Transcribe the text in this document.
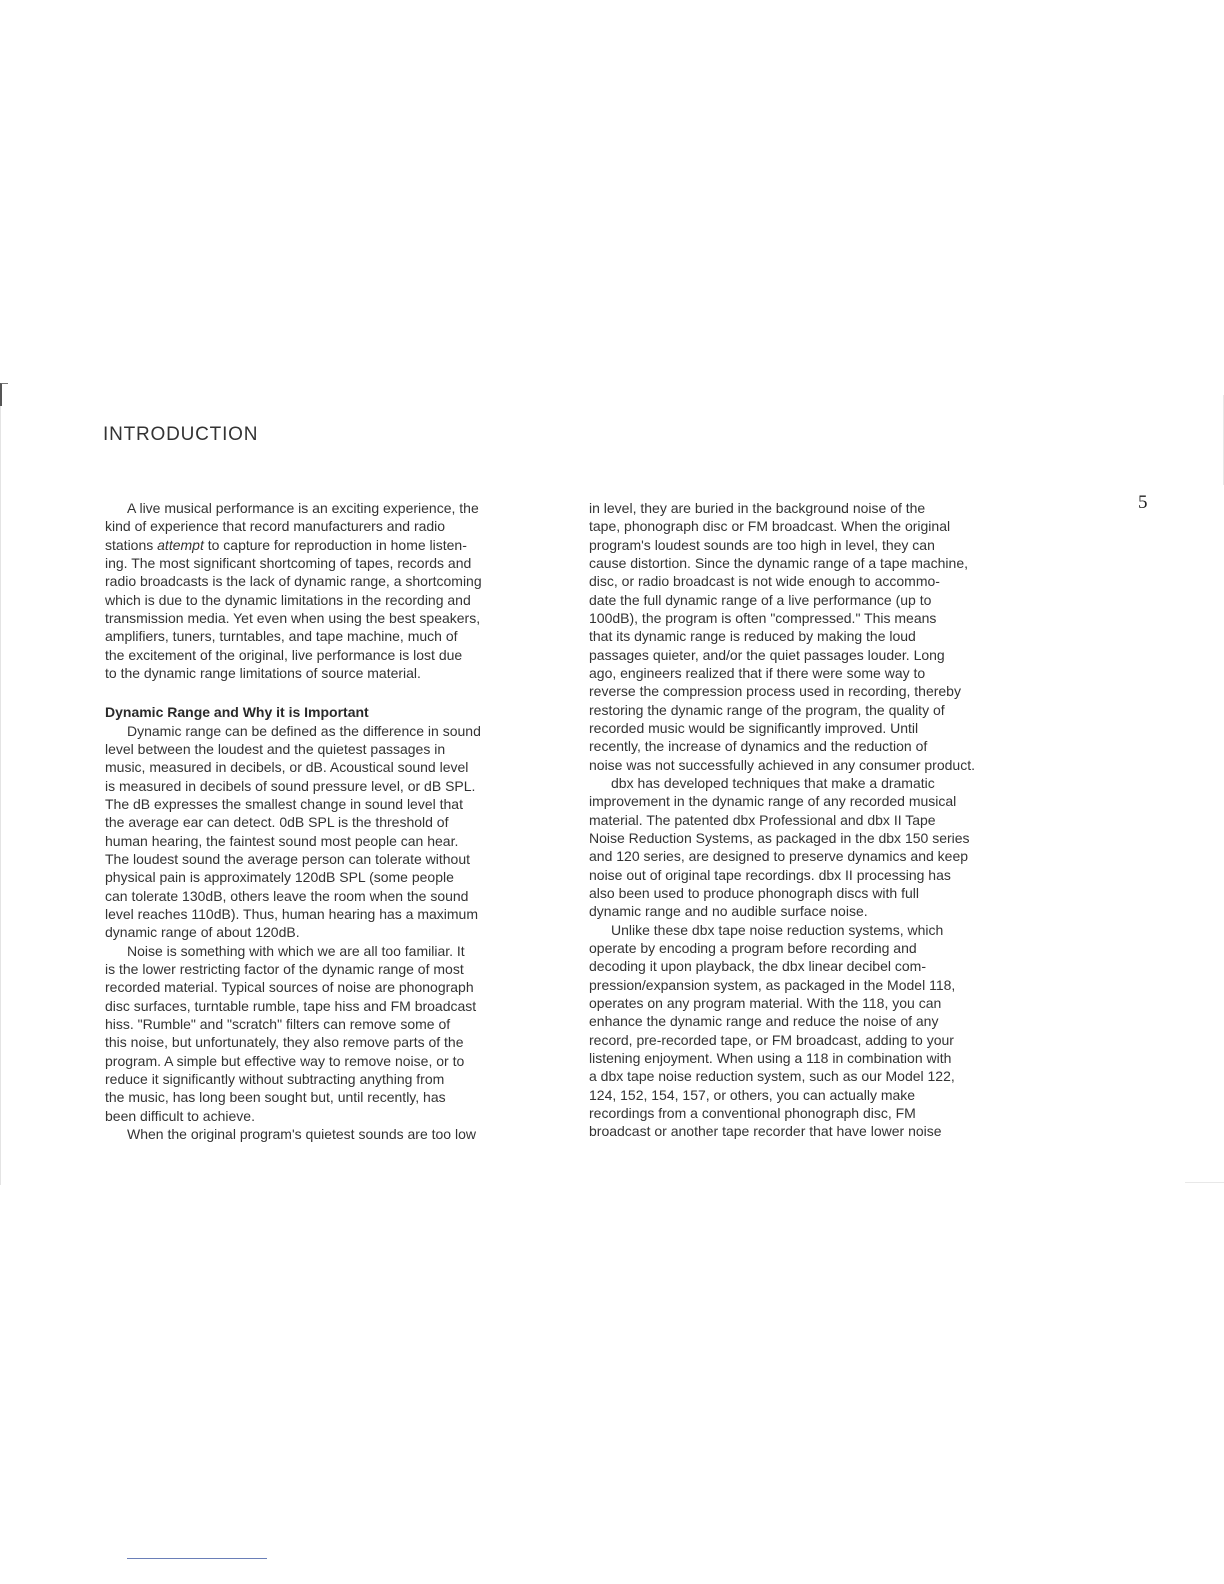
INTRODUCTION
5
A live musical performance is an exciting experience, the
kind of experience that record manufacturers and radio
stations attempt to capture for reproduction in home listen-
ing. The most significant shortcoming of tapes, records and
radio broadcasts is the lack of dynamic range, a shortcoming
which is due to the dynamic limitations in the recording and
transmission media. Yet even when using the best speakers,
amplifiers, tuners, turntables, and tape machine, much of
the excitement of the original, live performance is lost due
to the dynamic range limitations of source material.
Dynamic Range and Why it is Important
Dynamic range can be defined as the difference in sound
level between the loudest and the quietest passages in
music, measured in decibels, or dB. Acoustical sound level
is measured in decibels of sound pressure level, or dB SPL.
The dB expresses the smallest change in sound level that
the average ear can detect. 0dB SPL is the threshold of
human hearing, the faintest sound most people can hear.
The loudest sound the average person can tolerate without
physical pain is approximately 120dB SPL (some people
can tolerate 130dB, others leave the room when the sound
level reaches 110dB). Thus, human hearing has a maximum
dynamic range of about 120dB.
Noise is something with which we are all too familiar. It
is the lower restricting factor of the dynamic range of most
recorded material. Typical sources of noise are phonograph
disc surfaces, turntable rumble, tape hiss and FM broadcast
hiss. "Rumble" and "scratch" filters can remove some of
this noise, but unfortunately, they also remove parts of the
program. A simple but effective way to remove noise, or to
reduce it significantly without subtracting anything from
the music, has long been sought but, until recently, has
been difficult to achieve.
When the original program's quietest sounds are too low
in level, they are buried in the background noise of the
tape, phonograph disc or FM broadcast. When the original
program's loudest sounds are too high in level, they can
cause distortion. Since the dynamic range of a tape machine,
disc, or radio broadcast is not wide enough to accommo-
date the full dynamic range of a live performance (up to
100dB), the program is often "compressed." This means
that its dynamic range is reduced by making the loud
passages quieter, and/or the quiet passages louder. Long
ago, engineers realized that if there were some way to
reverse the compression process used in recording, thereby
restoring the dynamic range of the program, the quality of
recorded music would be significantly improved. Until
recently, the increase of dynamics and the reduction of
noise was not successfully achieved in any consumer product.
dbx has developed techniques that make a dramatic
improvement in the dynamic range of any recorded musical
material. The patented dbx Professional and dbx II Tape
Noise Reduction Systems, as packaged in the dbx 150 series
and 120 series, are designed to preserve dynamics and keep
noise out of original tape recordings. dbx II processing has
also been used to produce phonograph discs with full
dynamic range and no audible surface noise.
Unlike these dbx tape noise reduction systems, which
operate by encoding a program before recording and
decoding it upon playback, the dbx linear decibel com-
pression/expansion system, as packaged in the Model 118,
operates on any program material. With the 118, you can
enhance the dynamic range and reduce the noise of any
record, pre-recorded tape, or FM broadcast, adding to your
listening enjoyment. When using a 118 in combination with
a dbx tape noise reduction system, such as our Model 122,
124, 152, 154, 157, or others, you can actually make
recordings from a conventional phonograph disc, FM
broadcast or another tape recorder that have lower noise
